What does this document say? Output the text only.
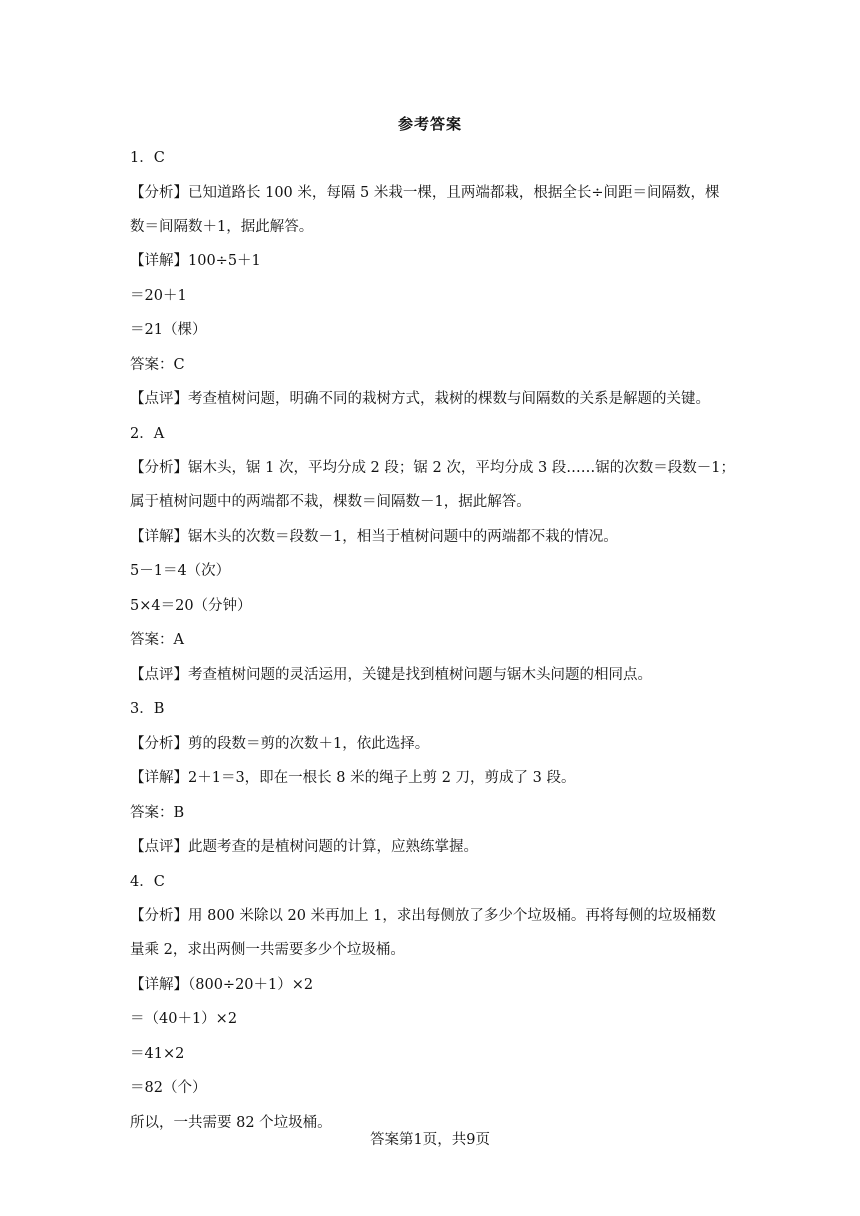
参考答案
1．C
【分析】已知道路长 100 米，每隔 5 米栽一棵，且两端都栽，根据全长÷间距＝间隔数，棵
数＝间隔数＋1，据此解答。
【详解】100÷5＋1
＝20＋1
＝21（棵）
答案：C
【点评】考查植树问题，明确不同的栽树方式，栽树的棵数与间隔数的关系是解题的关键。
2．A
【分析】锯木头，锯 1 次，平均分成 2 段；锯 2 次，平均分成 3 段……锯的次数＝段数－1；
属于植树问题中的两端都不栽，棵数＝间隔数－1，据此解答。
【详解】锯木头的次数＝段数－1，相当于植树问题中的两端都不栽的情况。
5－1＝4（次）
5×4＝20（分钟）
答案：A
【点评】考查植树问题的灵活运用，关键是找到植树问题与锯木头问题的相同点。
3．B
【分析】剪的段数＝剪的次数＋1，依此选择。
【详解】2＋1＝3，即在一根长 8 米的绳子上剪 2 刀，剪成了 3 段。
答案：B
【点评】此题考查的是植树问题的计算，应熟练掌握。
4．C
【分析】用 800 米除以 20 米再加上 1，求出每侧放了多少个垃圾桶。再将每侧的垃圾桶数
量乘 2，求出两侧一共需要多少个垃圾桶。
【详解】（800÷20＋1）×2
＝（40＋1）×2
＝41×2
＝82（个）
所以，一共需要 82 个垃圾桶。
答案第1页，共9页
